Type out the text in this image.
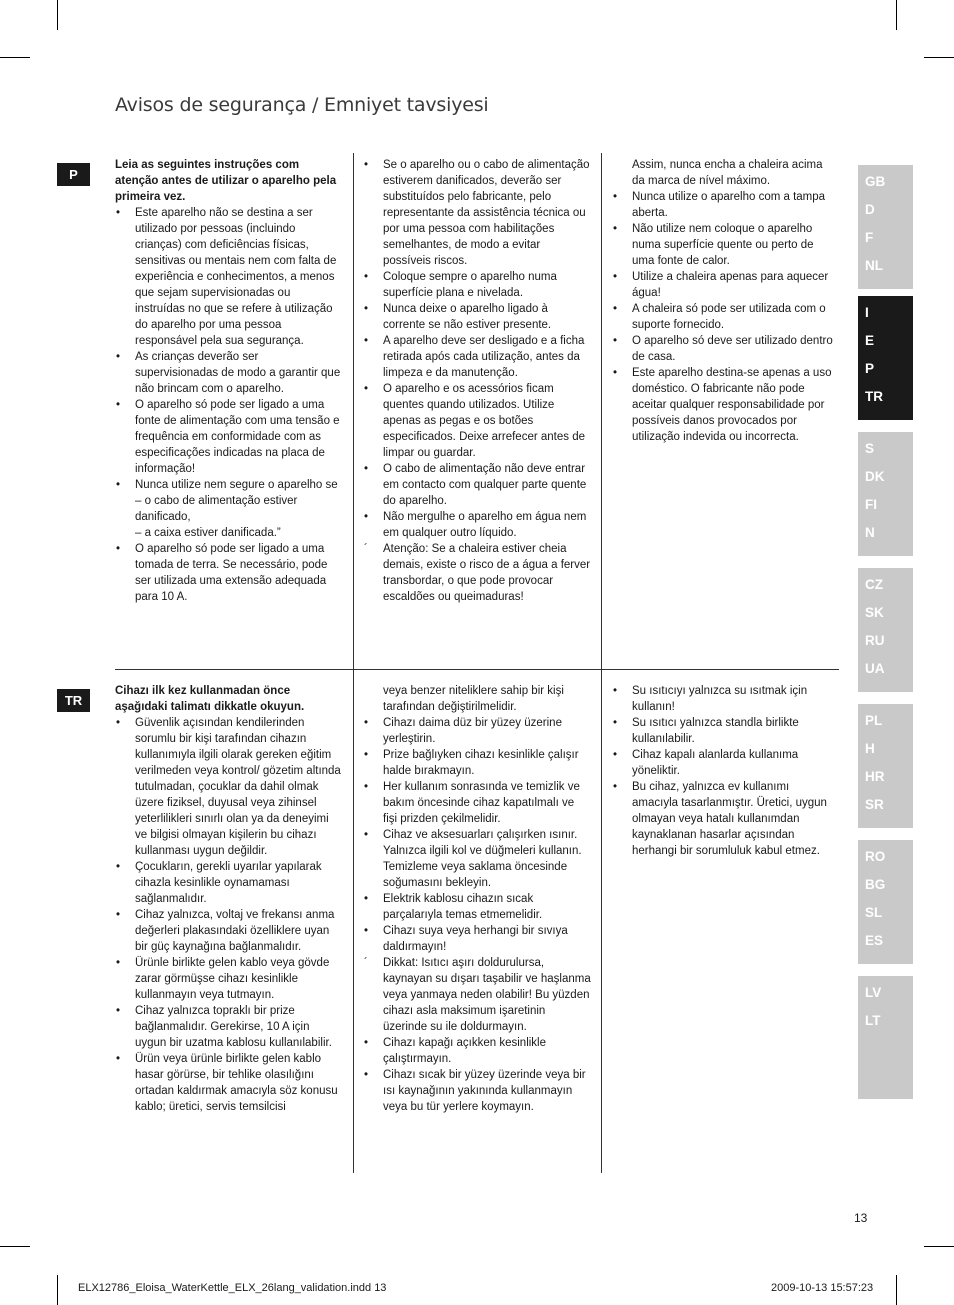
Avisos de segurança / Emniyet tavsiyesi
P
Leia as seguintes instruções com atenção antes de utilizar o aparelho pela primeira vez.
• Este aparelho não se destina a ser utilizado por pessoas (incluindo crianças) com deficiências físicas, sensitivas ou mentais nem com falta de experiência e conhecimentos, a menos que sejam supervisionadas ou instruídas no que se refere à utilização do aparelho por uma pessoa responsável pela sua segurança.
• As crianças deverão ser supervisionadas de modo a garantir que não brincam com o aparelho.
• O aparelho só pode ser ligado a uma fonte de alimentação com uma tensão e frequência em conformidade com as especificações indicadas na placa de informação!
• Nunca utilize nem segure o aparelho se
– o cabo de alimentação estiver danificado,
– a caixa estiver danificada.”
• O aparelho só pode ser ligado a uma tomada de terra. Se necessário, pode ser utilizada uma extensão adequada para 10 A.
• Se o aparelho ou o cabo de alimentação estiverem danificados, deverão ser substituídos pelo fabricante, pelo representante da assistência técnica ou por uma pessoa com habilitações semelhantes, de modo a evitar possíveis riscos.
• Coloque sempre o aparelho numa superfície plana e nivelada.
• Nunca deixe o aparelho ligado à corrente se não estiver presente.
• A aparelho deve ser desligado e a ficha retirada após cada utilização, antes da limpeza e da manutenção.
• O aparelho e os acessórios ficam quentes quando utilizados. Utilize apenas as pegas e os botões especificados. Deixe arrefecer antes de limpar ou guardar.
• O cabo de alimentação não deve entrar em contacto com qualquer parte quente do aparelho.
• Não mergulhe o aparelho em água nem em qualquer outro líquido.
´ Atenção: Se a chaleira estiver cheia demais, existe o risco de a água a ferver transbordar, o que pode provocar escaldões ou queimaduras!
Assim, nunca encha a chaleira acima da marca de nível máximo.
• Nunca utilize o aparelho com a tampa aberta.
• Não utilize nem coloque o aparelho numa superfície quente ou perto de uma fonte de calor.
• Utilize a chaleira apenas para aquecer água!
• A chaleira só pode ser utilizada com o suporte fornecido.
• O aparelho só deve ser utilizado dentro de casa.
• Este aparelho destina-se apenas a uso doméstico. O fabricante não pode aceitar qualquer responsabilidade por possíveis danos provocados por utilização indevida ou incorrecta.
TR
Cihazı ilk kez kullanmadan önce aşağıdaki talimatı dikkatle okuyun.
• Güvenlik açısından kendilerinden sorumlu bir kişi tarafından cihazın kullanımıyla ilgili olarak gereken eğitim verilmeden veya kontrol/ gözetim altında tutulmadan, çocuklar da dahil olmak üzere fiziksel, duyusal veya zihinsel yeterlilikleri sınırlı olan ya da deneyimi ve bilgisi olmayan kişilerin bu cihazı kullanması uygun değildir.
• Çocukların, gerekli uyarılar yapılarak cihazla kesinlikle oynamaması sağlanmalıdır.
• Cihaz yalnızca, voltaj ve frekansı anma değerleri plakasındaki özelliklere uyan bir güç kaynağına bağlanmalıdır.
• Ürünle birlikte gelen kablo veya gövde zarar görmüşse cihazı kesinlikle kullanmayın veya tutmayın.
• Cihaz yalnızca topraklı bir prize bağlanmalıdır. Gerekirse, 10 A için uygun bir uzatma kablosu kullanılabilir.
• Ürün veya ürünle birlikte gelen kablo hasar görürse, bir tehlike olasılığını ortadan kaldırmak amacıyla söz konusu kablo; üretici, servis temsilcisi
veya benzer niteliklere sahip bir kişi tarafından değiştirilmelidir.
• Cihazı daima düz bir yüzey üzerine yerleştirin.
• Prize bağlıyken cihazı kesinlikle çalışır halde bırakmayın.
• Her kullanım sonrasında ve temizlik ve bakım öncesinde cihaz kapatılmalı ve fişi prizden çekilmelidir.
• Cihaz ve aksesuarları çalışırken ısınır. Yalnızca ilgili kol ve düğmeleri kullanın. Temizleme veya saklama öncesinde soğumasını bekleyin.
• Elektrik kablosu cihazın sıcak parçalarıyla temas etmemelidir.
• Cihazı suya veya herhangi bir sıvıya daldırmayın!
´ Dikkat: Isıtıcı aşırı doldurulursa, kaynayan su dışarı taşabilir ve haşlanma veya yanmaya neden olabilir! Bu yüzden cihazı asla maksimum işaretinin üzerinde su ile doldurmayın.
• Cihazı kapağı açıkken kesinlikle çalıştırmayın.
• Cihazı sıcak bir yüzey üzerinde veya bir ısı kaynağının yakınında kullanmayın veya bu tür yerlere koymayın.
• Su ısıtıcıyı yalnızca su ısıtmak için kullanın!
• Su ısıtıcı yalnızca standla birlikte kullanılabilir.
• Cihaz kapalı alanlarda kullanıma yöneliktir.
• Bu cihaz, yalnızca ev kullanımı amacıyla tasarlanmıştır. Üretici, uygun olmayan veya hatalı kullanımdan kaynaklanan hasarlar açısından herhangi bir sorumluluk kabul etmez.
GB
D
F
NL
I
E
P
TR
S
DK
FI
N
CZ
SK
RU
UA
PL
H
HR
SR
RO
BG
SL
ES
LV
LT
13
ELX12786_Eloisa_WaterKettle_ELX_26lang_validation.indd 13	2009-10-13 15:57:23
